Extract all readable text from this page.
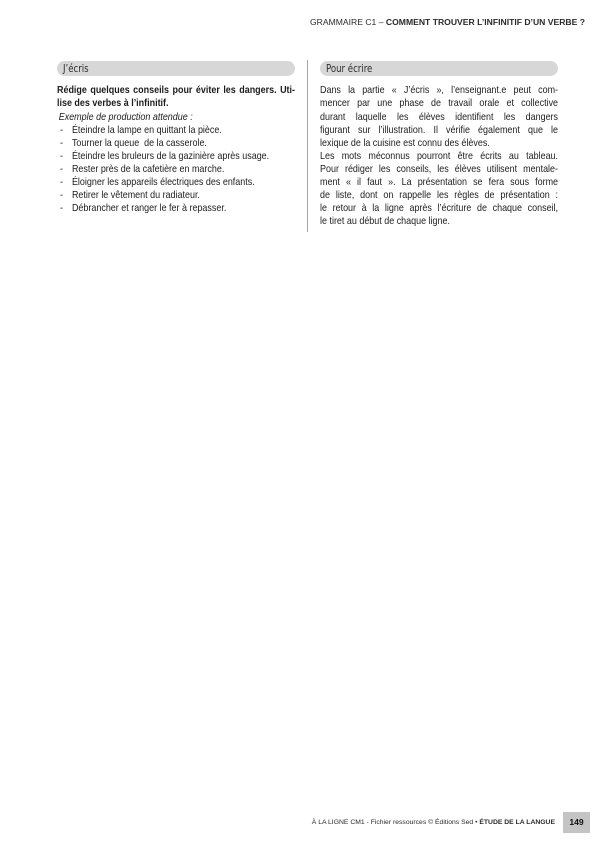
GRAMMAIRE C1 – COMMENT TROUVER L’INFINITIF D’UN VERBE ?
J’écris
Rédige quelques conseils pour éviter les dangers. Uti-
lise des verbes à l’infinitif.
Exemple de production attendue :
- Éteindre la lampe en quittant la pièce.
- Tourner la queue  de la casserole.
- Éteindre les bruleurs de la gazinière après usage.
- Rester près de la cafetière en marche.
- Éloigner les appareils électriques des enfants.
- Retirer le vêtement du radiateur.
- Débrancher et ranger le fer à repasser.
Pour écrire
Dans la partie « J’écris », l’enseignant.e peut com-
mencer par une phase de travail orale et collective
durant laquelle les élèves identifient les dangers
figurant sur l’illustration. Il vérifie également que le
lexique de la cuisine est connu des élèves.
Les mots méconnus pourront être écrits au tableau.
Pour rédiger les conseils, les élèves utilisent mentale-
ment « il faut ». La présentation se fera sous forme
de liste, dont on rappelle les règles de présentation :
le retour à la ligne après l’écriture de chaque conseil,
le tiret au début de chaque ligne.
À LA LIGNE CM1 - Fichier ressources © Éditions Sed • ÉTUDE DE LA LANGUE	149
